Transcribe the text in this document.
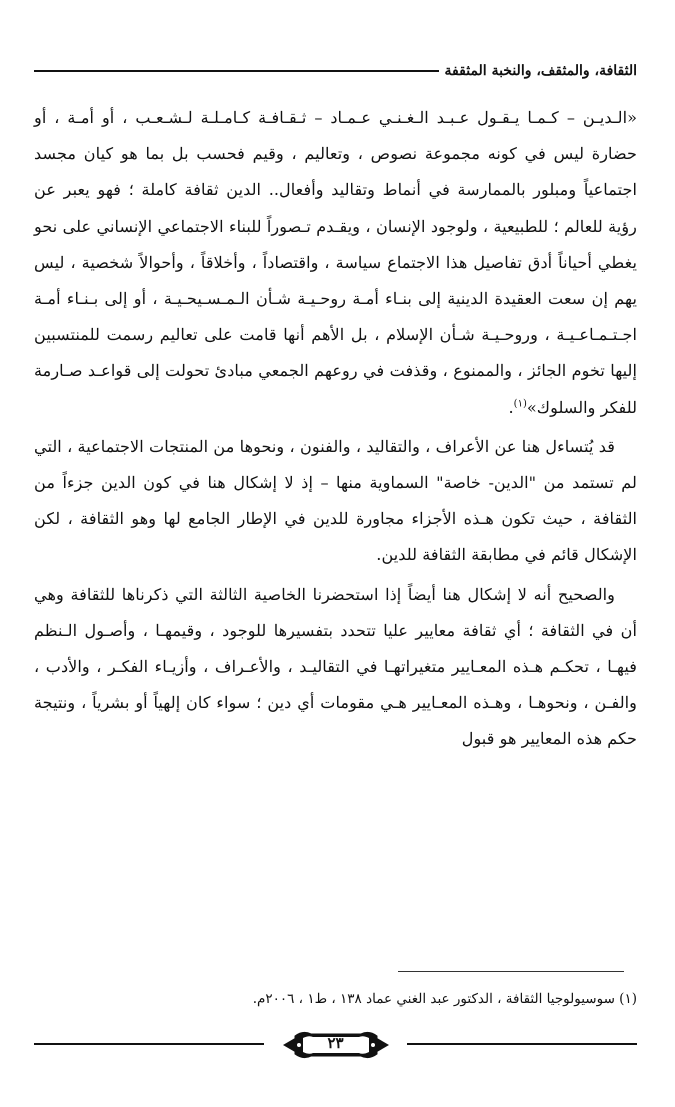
الثقافة، والمثقف، والنخبة المثقفة

«الـديـن – كـمـا يـقـول عـبـد الـغـنـي عـمـاد – ثـقـافـة كـامـلـة لـشـعـب ، أو أمـة ، أو حضارة ليس في كونه مجموعة نصوص ، وتعاليم ، وقيم فحسب بل بما هو كيان مجسد اجتماعياً ومبلور بالممارسة في أنماط وتقاليد وأفعال.. الدين ثقافة كاملة ؛ فهو يعبر عن رؤية للعالم ؛ للطبيعية ، ولوجود الإنسان ، ويقـدم تـصوراً للبناء الاجتماعي الإنساني على نحو يغطي أحياناً أدق تفاصيل هذا الاجتماع سياسة ، واقتصاداً ، وأخلاقاً ، وأحوالاً شخصية ، ليس يهم إن سعت العقيدة الدينية إلى بنـاء أمـة روحـيـة شـأن الـمـسـيحـيـة ، أو إلى بـنـاء أمـة اجـتـمـاعـيـة ، وروحـيـة شـأن الإسلام ، بل الأهم أنها قامت على تعاليم رسمت للمنتسبين إليها تخوم الجائز ، والممنوع ، وقذفت في روعهم الجمعي مبادئ تحولت إلى قواعـد صـارمة للفكر والسلوك»$^{(١)}$.

قد يُتساءل هنا عن الأعراف ، والتقاليد ، والفنون ، ونحوها من المنتجات الاجتماعية ، التي لم تستمد من "الدين- خاصة" السماوية منها – إذ لا إشكال هنا في كون الدين جزءاً من الثقافة ، حيث تكون هـذه الأجزاء مجاورة للدين في الإطار الجامع لها وهو الثقافة ، لكن الإشكال قائم في مطابقة الثقافة للدين.

والصحيح أنه لا إشكال هنا أيضاً إذا استحضرنا الخاصية الثالثة التي ذكرناها للثقافة وهي أن في الثقافة ؛ أي ثقافة معايير عليا تتحدد بتفسيرها للوجود ، وقيمهـا ، وأصـول الـنظم فيهـا ، تحكـم هـذه المعـايير متغيراتهـا في التقاليـد ، والأعـراف ، وأزيـاء الفكـر ، والأدب ، والفـن ، ونحوهـا ، وهـذه المعـايير هـي مقومات أي دين ؛ سواء كان إلهياً أو بشرياً ، ونتيجة حكم هذه المعايير هو قبول

(١) سوسيولوجيا الثقافة ، الدكتور عبد الغني عماد ١٣٨ ، ط١ ، ٢٠٠٦م.
٢٣
